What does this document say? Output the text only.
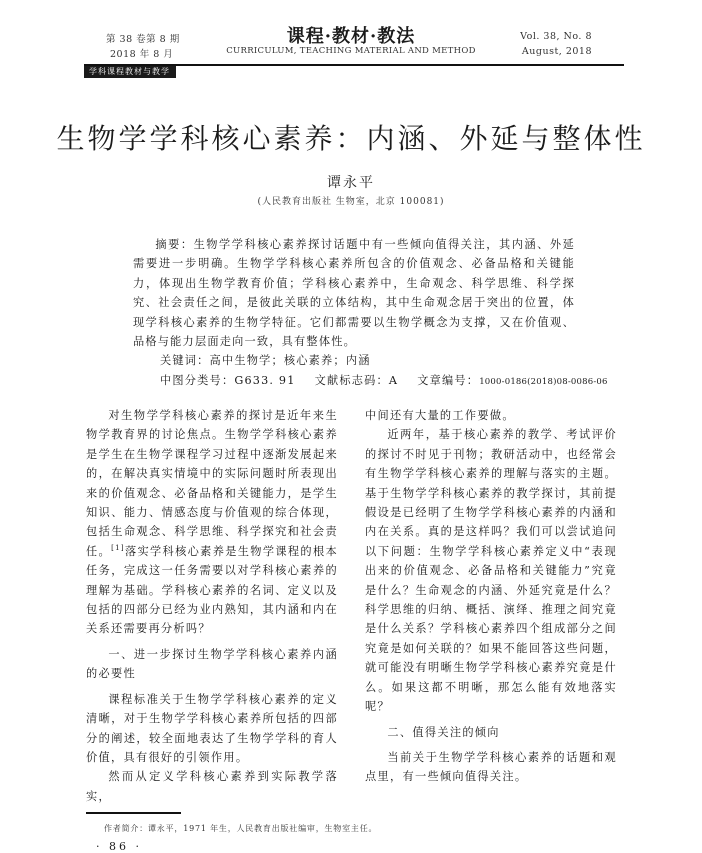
第 38 卷第 8 期
2018 年 8 月
课程·教材·教法
CURRICULUM, TEACHING MATERIAL AND METHOD
Vol. 38, No. 8
August, 2018
学科课程教材与教学
生物学学科核心素养：内涵、外延与整体性
谭永平
(人民教育出版社 生物室，北京 100081)

摘要：生物学学科核心素养探讨话题中有一些倾向值得关注，其内涵、外延需要进一步明确。生物学学科核心素养所包含的价值观念、必备品格和关键能力，体现出生物学教育价值；学科核心素养中，生命观念、科学思维、科学探究、社会责任之间，是彼此关联的立体结构，其中生命观念居于突出的位置，体现学科核心素养的生物学特征。它们都需要以生物学概念为支撑，又在价值观、品格与能力层面走向一致，具有整体性。

关键词：高中生物学；核心素养；内涵
中图分类号：G633. 91 文献标志码：A 文章编号：1000-0186(2018)08-0086-06

对生物学学科核心素养的探讨是近年来生物学教育界的讨论焦点。生物学学科核心素养是学生在生物学课程学习过程中逐渐发展起来的，在解决真实情境中的实际问题时所表现出来的价值观念、必备品格和关键能力，是学生知识、能力、情感态度与价值观的综合体现，包括生命观念、科学思维、科学探究和社会责任。[1]落实学科核心素养是生物学课程的根本任务，完成这一任务需要以对学科核心素养的理解为基础。学科核心素养的名词、定义以及包括的四部分已经为业内熟知，其内涵和内在关系还需要再分析吗？

一、进一步探讨生物学学科核心素养内涵的必要性

课程标准关于生物学学科核心素养的定义清晰，对于生物学学科核心素养所包括的四部分的阐述，较全面地表达了生物学学科的育人价值，具有很好的引领作用。

然而从定义学科核心素养到实际教学落实，

中间还有大量的工作要做。

近两年，基于核心素养的教学、考试评价的探讨不时见于刊物；教研活动中，也经常会有生物学学科核心素养的理解与落实的主题。基于生物学学科核心素养的教学探讨，其前提假设是已经明了生物学学科核心素养的内涵和内在关系。真的是这样吗？我们可以尝试追问以下问题：生物学学科核心素养定义中“表现出来的价值观念、必备品格和关键能力”究竟是什么？生命观念的内涵、外延究竟是什么？科学思维的归纳、概括、演绎、推理之间究竟是什么关系？学科核心素养四个组成部分之间究竟是如何关联的？如果不能回答这些问题，就可能没有明晰生物学学科核心素养究竟是什么。如果这都不明晰，那怎么能有效地落实呢？

二、值得关注的倾向

当前关于生物学学科核心素养的话题和观点里，有一些倾向值得关注。

作者简介：谭永平，1971 年生，人民教育出版社编审，生物室主任。
· 86 ·
